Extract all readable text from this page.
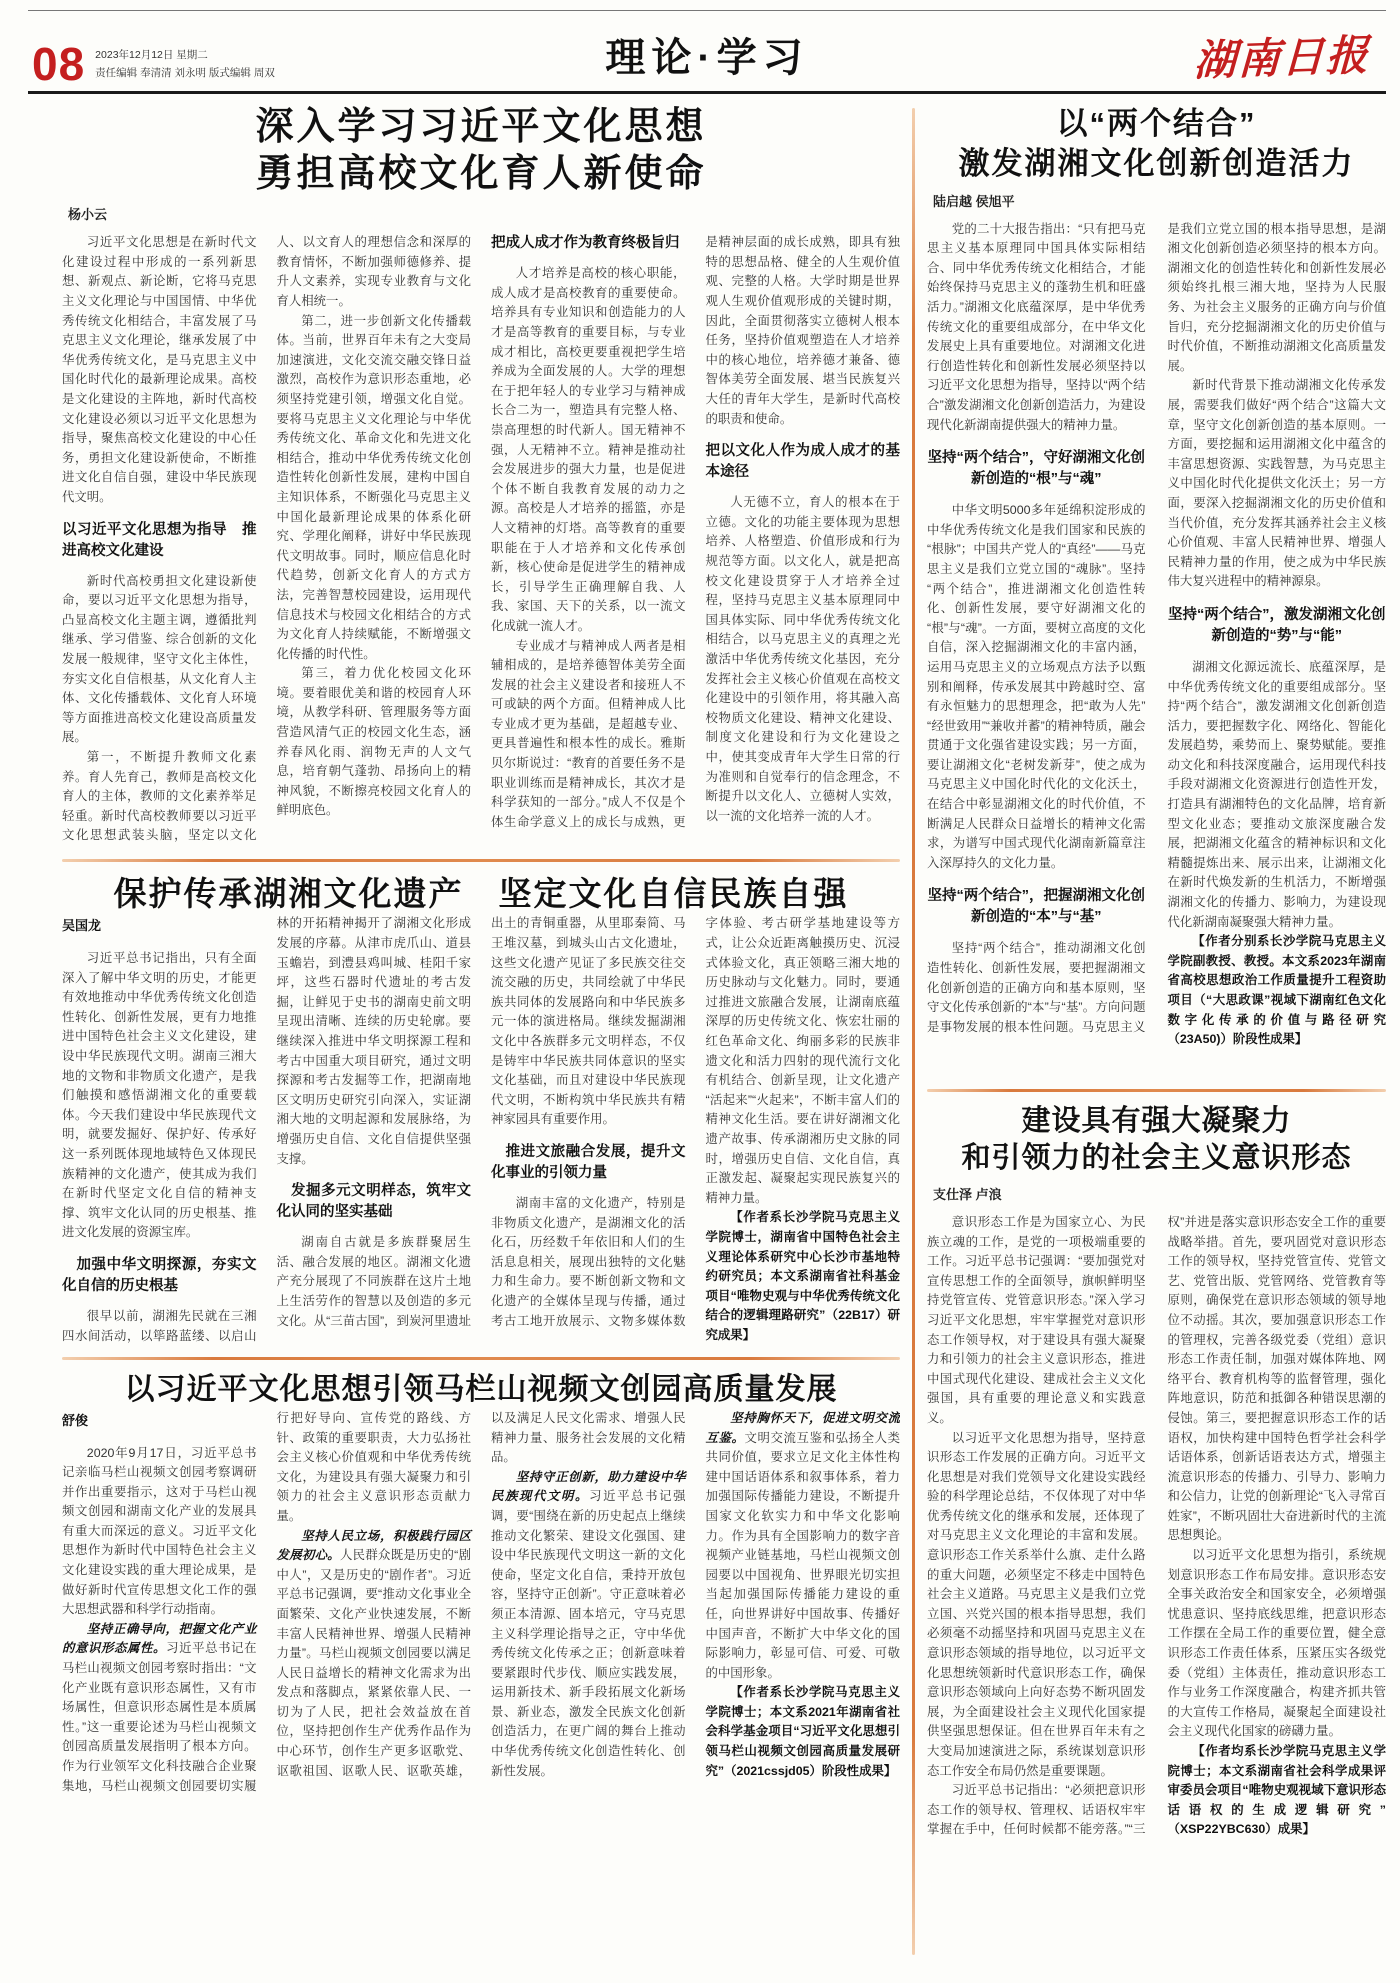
08 2023年12月12日 星期二
责任编辑 奉清清 刘永明 版式编辑 周双	理论·学习	湖南日报
深入学习习近平文化思想
勇担高校文化育人新使命
杨小云

习近平文化思想是在新时代文化建设过程中形成的一系列新思想、新观点、新论断，它将马克思主义文化理论与中国国情、中华优秀传统文化相结合，丰富发展了马克思主义文化理论，继承发展了中华优秀传统文化，是马克思主义中国化时代化的最新理论成果。高校是文化建设的主阵地，新时代高校文化建设必须以习近平文化思想为指导，聚焦高校文化建设的中心任务，勇担文化建设新使命，不断推进文化自信自强，建设中华民族现代文明。

以习近平文化思想为指导　推进高校文化建设

新时代高校勇担文化建设新使命，要以习近平文化思想为指导，凸显高校文化主题主调，遵循批判继承、学习借鉴、综合创新的文化发展一般规律，坚守文化主体性，夯实文化自信根基，从文化育人主体、文化传播载体、文化育人环境等方面推进高校文化建设高质量发展。

第一，不断提升教师文化素养。育人先育己，教师是高校文化育人的主体，教师的文化素养举足轻重。新时代高校教师要以习近平文化思想武装头脑，坚定以文化人、以文育人的理想信念和深厚的教育情怀，不断加强师德修养、提升人文素养，实现专业教育与文化育人相统一。

第二，进一步创新文化传播载体。当前，世界百年未有之大变局加速演进，文化交流交融交锋日益激烈，高校作为意识形态重地，必须坚持党建引领，增强文化自觉。要将马克思主义文化理论与中华优秀传统文化、革命文化和先进文化相结合，推动中华优秀传统文化创造性转化创新性发展，建构中国自主知识体系，不断强化马克思主义中国化最新理论成果的体系化研究、学理化阐释，讲好中华民族现代文明故事。同时，顺应信息化时代趋势，创新文化育人的方式方法，完善智慧校园建设，运用现代信息技术与校园文化相结合的方式为文化育人持续赋能，不断增强文化传播的时代性。

第三，着力优化校园文化环境。要着眼优美和谐的校园育人环境，从教学科研、管理服务等方面营造风清气正的校园文化生态，涵养春风化雨、润物无声的人文气息，培育朝气蓬勃、昂扬向上的精神风貌，不断擦亮校园文化育人的鲜明底色。

把成人成才作为教育终极旨归

人才培养是高校的核心职能，成人成才是高校教育的重要使命。培养具有专业知识和创造能力的人才是高等教育的重要目标，与专业成才相比，高校更要重视把学生培养成为全面发展的人。大学的理想在于把年轻人的专业学习与精神成长合二为一，塑造具有完整人格、崇高理想的时代新人。国无精神不强，人无精神不立。精神是推动社会发展进步的强大力量，也是促进个体不断自我教育发展的动力之源。高校是人才培养的摇篮，亦是人文精神的灯塔。高等教育的重要职能在于人才培养和文化传承创新，核心使命是促进学生的精神成长，引导学生正确理解自我、人我、家国、天下的关系，以一流文化成就一流人才。

专业成才与精神成人两者是相辅相成的，是培养德智体美劳全面发展的社会主义建设者和接班人不可或缺的两个方面。但精神成人比专业成才更为基础，是超越专业、更具普遍性和根本性的成长。雅斯贝尔斯说过：“教育的首要任务不是职业训练而是精神成长，其次才是科学获知的一部分。”成人不仅是个体生命学意义上的成长与成熟，更是精神层面的成长成熟，即具有独特的思想品格、健全的人生观价值观、完整的人格。大学时期是世界观人生观价值观形成的关键时期，因此，全面贯彻落实立德树人根本任务，坚持价值观塑造在人才培养中的核心地位，培养德才兼备、德智体美劳全面发展、堪当民族复兴大任的青年大学生，是新时代高校的职责和使命。

把以文化人作为成人成才的基本途径

人无德不立，育人的根本在于立德。文化的功能主要体现为思想培养、人格塑造、价值形成和行为规范等方面。以文化人，就是把高校文化建设贯穿于人才培养全过程，坚持马克思主义基本原理同中国具体实际、同中华优秀传统文化相结合，以马克思主义的真理之光激活中华优秀传统文化基因，充分发挥社会主义核心价值观在高校文化建设中的引领作用，将其融入高校物质文化建设、精神文化建设、制度文化建设和行为文化建设之中，使其变成青年大学生日常的行为准则和自觉奉行的信念理念，不断提升以文化人、立德树人实效，以一流的文化培养一流的人才。

保护传承湖湘文化遗产　坚定文化自信民族自强

吴国龙

习近平总书记指出，只有全面深入了解中华文明的历史，才能更有效地推动中华优秀传统文化创造性转化、创新性发展，更有力地推进中国特色社会主义文化建设，建设中华民族现代文明。湖南三湘大地的文物和非物质文化遗产，是我们触摸和感悟湖湘文化的重要载体。今天我们建设中华民族现代文明，就要发掘好、保护好、传承好这一系列既体现地域特色又体现民族精神的文化遗产，使其成为我们在新时代坚定文化自信的精神支撑、筑牢文化认同的历史根基、推进文化发展的资源宝库。

加强中华文明探源，夯实文化自信的历史根基

很早以前，湖湘先民就在三湘四水间活动，以筚路蓝缕、以启山林的开拓精神揭开了湖湘文化形成发展的序幕。从津市虎爪山、道县玉蟾岩，到澧县鸡叫城、桂阳千家坪，这些石器时代遗址的考古发掘，让鲜见于史书的湖南史前文明呈现出清晰、连续的历史轮廓。要继续深入推进中华文明探源工程和考古中国重大项目研究，通过文明探源和考古发掘等工作，把湖南地区文明历史研究引向深入，实证湖湘大地的文明起源和发展脉络，为增强历史自信、文化自信提供坚强支撑。

发掘多元文明样态，筑牢文化认同的坚实基础

湖南自古就是多族群聚居生活、融合发展的地区。湖湘文化遗产充分展现了不同族群在这片土地上生活劳作的智慧以及创造的多元文化。从“三苗古国”，到炭河里遗址出土的青铜重器，从里耶秦简、马王堆汉墓，到城头山古文化遗址，这些文化遗产见证了多民族交往交流交融的历史，共同绘就了中华民族共同体的发展路向和中华民族多元一体的演进格局。继续发掘湖湘文化中各族群多元文明样态，不仅是铸牢中华民族共同体意识的坚实文化基础，而且对建设中华民族现代文明，不断构筑中华民族共有精神家园具有重要作用。

推进文旅融合发展，提升文化事业的引领力量

湖南丰富的文化遗产，特别是非物质文化遗产，是湖湘文化的活化石，历经数千年依旧和人们的生活息息相关，展现出独特的文化魅力和生命力。要不断创新文物和文化遗产的全媒体呈现与传播，通过考古工地开放展示、文物多媒体数字体验、考古研学基地建设等方式，让公众近距离触摸历史、沉浸式体验文化，真正领略三湘大地的历史脉动与文化魅力。同时，要通过推进文旅融合发展，让湖南底蕴深厚的历史传统文化、恢宏壮丽的红色革命文化、绚丽多彩的民族非遗文化和活力四射的现代流行文化有机结合、创新呈现，让文化遗产“活起来”“火起来”，不断丰富人们的精神文化生活。要在讲好湖湘文化遗产故事、传承湖湘历史文脉的同时，增强历史自信、文化自信，真正激发起、凝聚起实现民族复兴的精神力量。

【作者系长沙学院马克思主义学院博士，湖南省中国特色社会主义理论体系研究中心长沙市基地特约研究员；本文系湖南省社科基金项目“唯物史观与中华优秀传统文化结合的逻辑理路研究”（22B17）研究成果】

以习近平文化思想引领马栏山视频文创园高质量发展

舒俊

2020年9月17日，习近平总书记亲临马栏山视频文创园考察调研并作出重要指示，这对于马栏山视频文创园和湖南文化产业的发展具有重大而深远的意义。习近平文化思想作为新时代中国特色社会主义文化建设实践的重大理论成果，是做好新时代宣传思想文化工作的强大思想武器和科学行动指南。

坚持正确导向，把握文化产业的意识形态属性。习近平总书记在马栏山视频文创园考察时指出：“文化产业既有意识形态属性，又有市场属性，但意识形态属性是本质属性。”这一重要论述为马栏山视频文创园高质量发展指明了根本方向。作为行业领军文化科技融合企业聚集地，马栏山视频文创园要切实履行把好导向、宣传党的路线、方针、政策的重要职责，大力弘扬社会主义核心价值观和中华优秀传统文化，为建设具有强大凝聚力和引领力的社会主义意识形态贡献力量。

坚持人民立场，积极践行园区发展初心。人民群众既是历史的“剧中人”，又是历史的“剧作者”。习近平总书记强调，要“推动文化事业全面繁荣、文化产业快速发展，不断丰富人民精神世界、增强人民精神力量”。马栏山视频文创园要以满足人民日益增长的精神文化需求为出发点和落脚点，紧紧依靠人民、一切为了人民，把社会效益放在首位，坚持把创作生产优秀作品作为中心环节，创作生产更多讴歌党、讴歌祖国、讴歌人民、讴歌英雄，以及满足人民文化需求、增强人民精神力量、服务社会发展的文化精品。

坚持守正创新，助力建设中华民族现代文明。习近平总书记强调，要“围绕在新的历史起点上继续推动文化繁荣、建设文化强国、建设中华民族现代文明这一新的文化使命，坚定文化自信，秉持开放包容，坚持守正创新”。守正意味着必须正本清源、固本培元，守马克思主义科学理论指导之正，守中华优秀传统文化传承之正；创新意味着要紧跟时代步伐、顺应实践发展，运用新技术、新手段拓展文化新场景、新业态，激发全民族文化创新创造活力，在更广阔的舞台上推动中华优秀传统文化创造性转化、创新性发展。

坚持胸怀天下，促进文明交流互鉴。文明交流互鉴和弘扬全人类共同价值，要求立足文化主体性构建中国话语体系和叙事体系，着力加强国际传播能力建设，不断提升国家文化软实力和中华文化影响力。作为具有全国影响力的数字音视频产业链基地，马栏山视频文创园要以中国视角、世界眼光切实担当起加强国际传播能力建设的重任，向世界讲好中国故事、传播好中国声音，不断扩大中华文化的国际影响力，彰显可信、可爱、可敬的中国形象。

【作者系长沙学院马克思主义学院博士；本文系2021年湖南省社会科学基金项目“习近平文化思想引领马栏山视频文创园高质量发展研究”（2021cssjd05）阶段性成果】

以“两个结合”
激发湖湘文化创新创造活力
陆启越 侯旭平

党的二十大报告指出：“只有把马克思主义基本原理同中国具体实际相结合、同中华优秀传统文化相结合，才能始终保持马克思主义的蓬勃生机和旺盛活力。”湖湘文化底蕴深厚，是中华优秀传统文化的重要组成部分，在中华文化发展史上具有重要地位。对湖湘文化进行创造性转化和创新性发展必须坚持以习近平文化思想为指导，坚持以“两个结合”激发湖湘文化创新创造活力，为建设现代化新湖南提供强大的精神力量。

坚持“两个结合”，守好湖湘文化创新创造的“根”与“魂”

中华文明5000多年延绵积淀形成的中华优秀传统文化是我们国家和民族的“根脉”；中国共产党人的“真经”——马克思主义是我们立党立国的“魂脉”。坚持“两个结合”，推进湖湘文化创造性转化、创新性发展，要守好湖湘文化的“根”与“魂”。一方面，要树立高度的文化自信，深入挖掘湖湘文化的丰富内涵，运用马克思主义的立场观点方法予以甄别和阐释，传承发展其中跨越时空、富有永恒魅力的思想理念，把“敢为人先”“经世致用”“兼收并蓄”的精神特质，融会贯通于文化强省建设实践；另一方面，要让湖湘文化“老树发新芽”，使之成为马克思主义中国化时代化的文化沃土，在结合中彰显湖湘文化的时代价值，不断满足人民群众日益增长的精神文化需求，为谱写中国式现代化湖南新篇章注入深厚持久的文化力量。

坚持“两个结合”，把握湖湘文化创新创造的“本”与“基”

坚持“两个结合”，推动湖湘文化创造性转化、创新性发展，要把握湖湘文化创新创造的正确方向和基本原则，坚守文化传承创新的“本”与“基”。方向问题是事物发展的根本性问题。马克思主义是我们立党立国的根本指导思想，是湖湘文化创新创造必须坚持的根本方向。湖湘文化的创造性转化和创新性发展必须始终扎根三湘大地，坚持为人民服务、为社会主义服务的正确方向与价值旨归，充分挖掘湖湘文化的历史价值与时代价值，不断推动湖湘文化高质量发展。

新时代背景下推动湖湘文化传承发展，需要我们做好“两个结合”这篇大文章，坚守文化创新创造的基本原则。一方面，要挖掘和运用湖湘文化中蕴含的丰富思想资源、实践智慧，为马克思主义中国化时代化提供文化沃土；另一方面，要深入挖掘湖湘文化的历史价值和当代价值，充分发挥其涵养社会主义核心价值观、丰富人民精神世界、增强人民精神力量的作用，使之成为中华民族伟大复兴进程中的精神源泉。

坚持“两个结合”，激发湖湘文化创新创造的“势”与“能”

湖湘文化源远流长、底蕴深厚，是中华优秀传统文化的重要组成部分。坚持“两个结合”，激发湖湘文化创新创造活力，要把握数字化、网络化、智能化发展趋势，乘势而上、聚势赋能。要推动文化和科技深度融合，运用现代科技手段对湖湘文化资源进行创造性开发，打造具有湖湘特色的文化品牌，培育新型文化业态；要推动文旅深度融合发展，把湖湘文化蕴含的精神标识和文化精髓提炼出来、展示出来，让湖湘文化在新时代焕发新的生机活力，不断增强湖湘文化的传播力、影响力，为建设现代化新湖南凝聚强大精神力量。

【作者分别系长沙学院马克思主义学院副教授、教授。本文系2023年湖南省高校思想政治工作质量提升工程资助项目（“大思政课”视域下湖南红色文化数字化传承的价值与路径研究（23A50)）阶段性成果】

建设具有强大凝聚力
和引领力的社会主义意识形态
支仕泽 卢浪

意识形态工作是为国家立心、为民族立魂的工作，是党的一项极端重要的工作。习近平总书记强调：“要加强党对宣传思想工作的全面领导，旗帜鲜明坚持党管宣传、党管意识形态。”深入学习习近平文化思想，牢牢掌握党对意识形态工作领导权，对于建设具有强大凝聚力和引领力的社会主义意识形态，推进中国式现代化建设、建成社会主义文化强国，具有重要的理论意义和实践意义。

以习近平文化思想为指导，坚持意识形态工作发展的正确方向。习近平文化思想是对我们党领导文化建设实践经验的科学理论总结，不仅体现了对中华优秀传统文化的继承和发展，还体现了对马克思主义文化理论的丰富和发展。意识形态工作关系举什么旗、走什么路的重大问题，必须坚定不移走中国特色社会主义道路。马克思主义是我们立党立国、兴党兴国的根本指导思想，我们必须毫不动摇坚持和巩固马克思主义在意识形态领域的指导地位，以习近平文化思想统领新时代意识形态工作，确保意识形态领域向上向好态势不断巩固发展，为全面建设社会主义现代化国家提供坚强思想保证。但在世界百年未有之大变局加速演进之际，系统谋划意识形态工作安全布局仍然是重要课题。

习近平总书记指出：“必须把意识形态工作的领导权、管理权、话语权牢牢掌握在手中，任何时候都不能旁落。”“三权”并进是落实意识形态安全工作的重要战略举措。首先，要巩固党对意识形态工作的领导权，坚持党管宣传、党管文艺、党管出版、党管网络、党管教育等原则，确保党在意识形态领域的领导地位不动摇。其次，要加强意识形态工作的管理权，完善各级党委（党组）意识形态工作责任制，加强对媒体阵地、网络平台、教育机构等的监督管理，强化阵地意识，防范和抵御各种错误思潮的侵蚀。第三，要把握意识形态工作的话语权，加快构建中国特色哲学社会科学话语体系，创新话语表达方式，增强主流意识形态的传播力、引导力、影响力和公信力，让党的创新理论“飞入寻常百姓家”，不断巩固壮大奋进新时代的主流思想舆论。

以习近平文化思想为指引，系统规划意识形态工作布局安排。意识形态安全事关政治安全和国家安全，必须增强忧患意识、坚持底线思维，把意识形态工作摆在全局工作的重要位置，健全意识形态工作责任体系，压紧压实各级党委（党组）主体责任，推动意识形态工作与业务工作深度融合，构建齐抓共管的大宣传工作格局，凝聚起全面建设社会主义现代化国家的磅礴力量。

【作者均系长沙学院马克思主义学院博士；本文系湖南省社会科学成果评审委员会项目“唯物史观视域下意识形态话语权的生成逻辑研究”（XSP22YBC630）成果】
